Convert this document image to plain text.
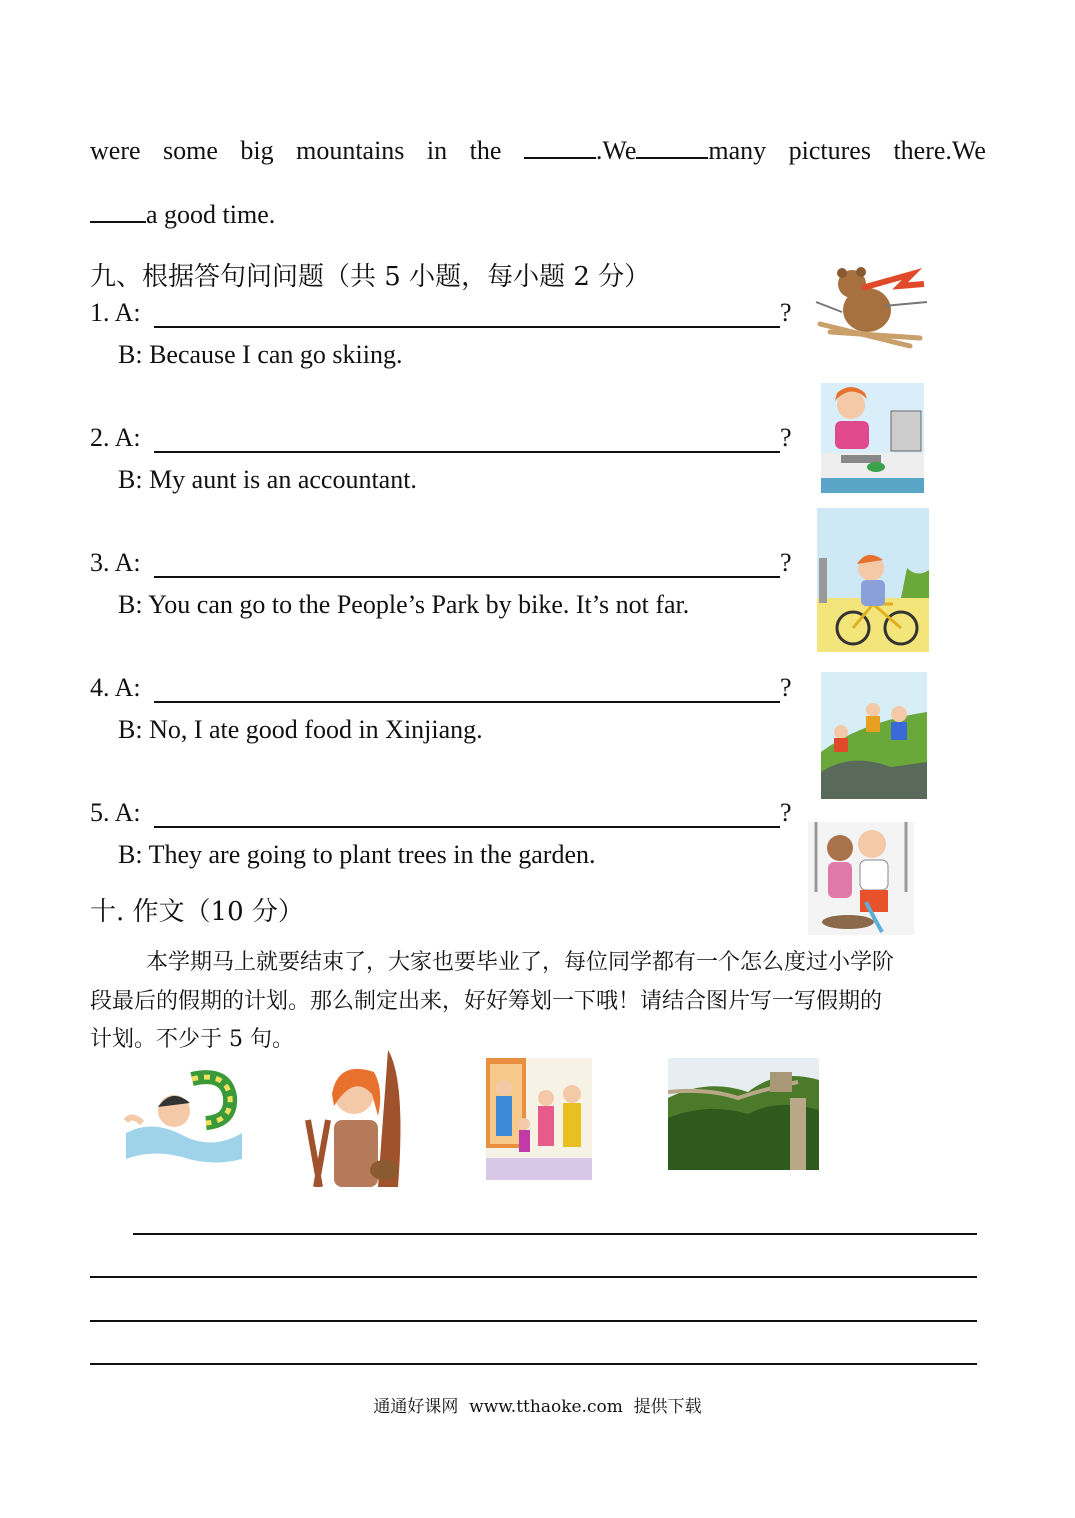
were some big mountains in the	.We	many pictures there.We
a good time.
九、根据答句问问题（共 5 小题，每小题 2 分）
1. A:	?
B: Because I can go skiing.
2. A:	?
B: My aunt is an accountant.
3. A:	?
B: You can go to the People’s Park by bike. It’s not far.
4. A:	?
B: No, I ate good food in Xinjiang.
5. A:	?
B: They are going to plant trees in the garden.
十. 作文（10 分）
本学期马上就要结束了，大家也要毕业了，每位同学都有一个怎么度过小学阶
段最后的假期的计划。那么制定出来，好好筹划一下哦！请结合图片写一写假期的
计划。不少于 5 句。
通通好课网  www.tthaoke.com  提供下载
